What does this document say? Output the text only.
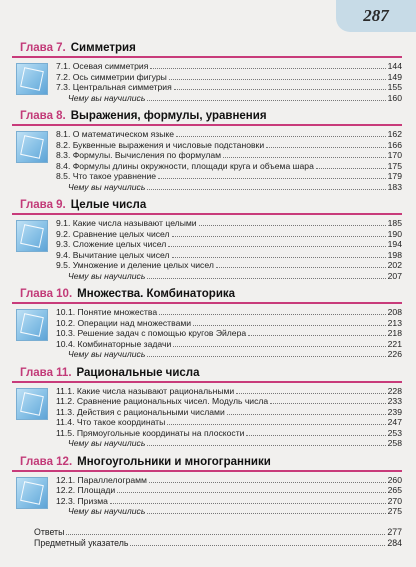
287
Глава 7. Симметрия
7.1. Осевая симметрия	144
7.2. Ось симметрии фигуры	149
7.3. Центральная симметрия	155
Чему вы научились	160
Глава 8. Выражения, формулы, уравнения
8.1. О математическом языке	162
8.2. Буквенные выражения и числовые подстановки	166
8.3. Формулы. Вычисления по формулам	170
8.4. Формулы длины окружности, площади круга и объема шара	175
8.5. Что такое уравнение	179
Чему вы научились	183
Глава 9. Целые числа
9.1. Какие числа называют целыми	185
9.2. Сравнение целых чисел	190
9.3. Сложение целых чисел	194
9.4. Вычитание целых чисел	198
9.5. Умножение и деление целых чисел	202
Чему вы научились	207
Глава 10. Множества. Комбинаторика
10.1. Понятие множества	208
10.2. Операции над множествами	213
10.3. Решение задач с помощью кругов Эйлера	218
10.4. Комбинаторные задачи	221
Чему вы научились	226
Глава 11. Рациональные числа
11.1. Какие числа называют рациональными	228
11.2. Сравнение рациональных чисел. Модуль числа	233
11.3. Действия с рациональными числами	239
11.4. Что такое координаты	247
11.5. Прямоугольные координаты на плоскости	253
Чему вы научились	258
Глава 12. Многоугольники и многогранники
12.1. Параллелограмм	260
12.2. Площади	265
12.3. Призма	270
Чему вы научились	275
Ответы	277
Предметный указатель	284
